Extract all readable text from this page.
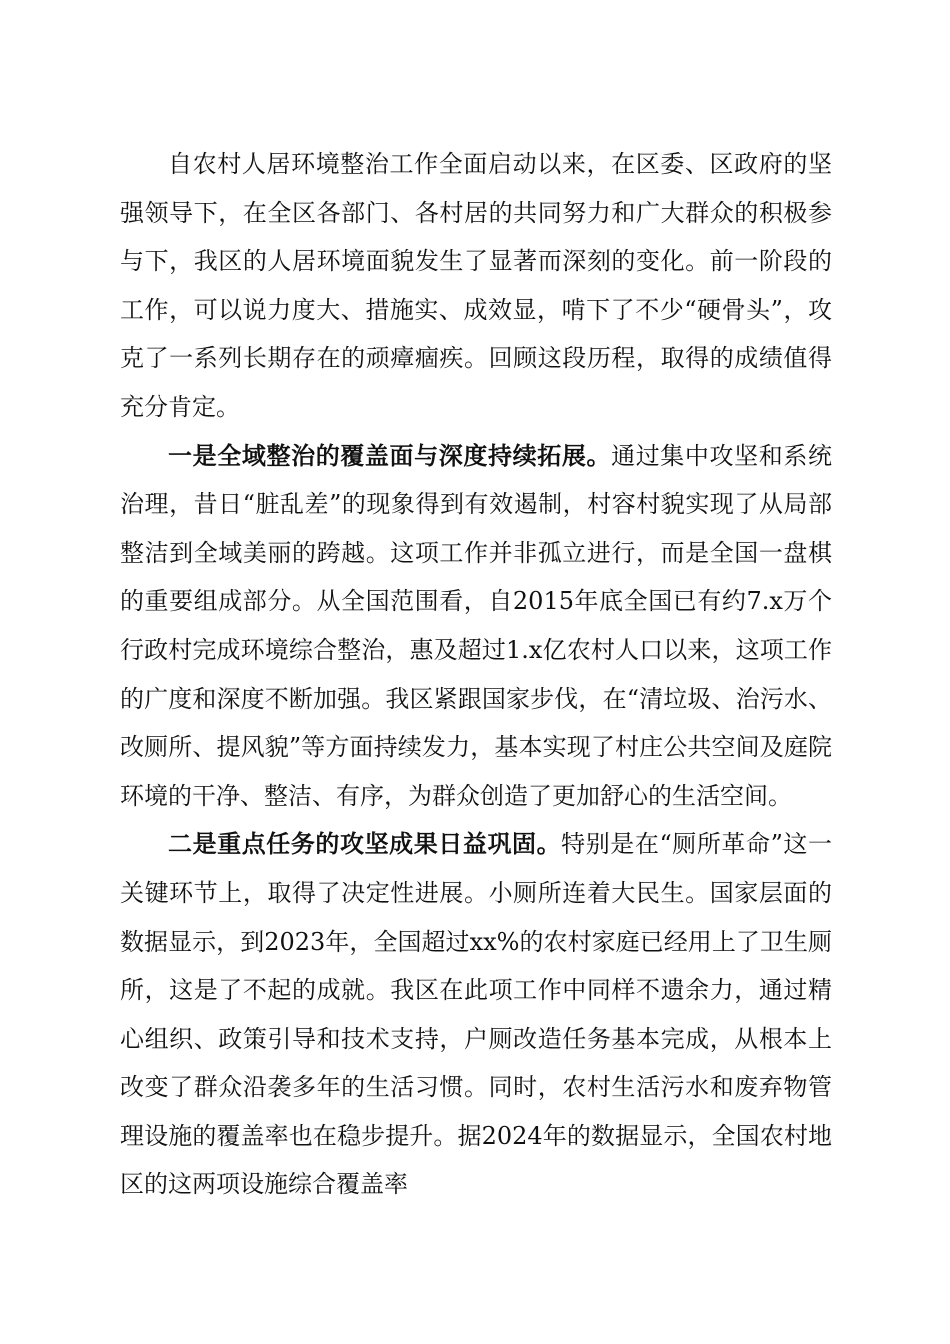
自农村人居环境整治工作全面启动以来，在区委、区政府的坚强领导下，在全区各部门、各村居的共同努力和广大群众的积极参与下，我区的人居环境面貌发生了显著而深刻的变化。前一阶段的工作，可以说力度大、措施实、成效显，啃下了不少“硬骨头”，攻克了一系列长期存在的顽瘴痼疾。回顾这段历程，取得的成绩值得充分肯定。

一是全域整治的覆盖面与深度持续拓展。通过集中攻坚和系统治理，昔日“脏乱差”的现象得到有效遏制，村容村貌实现了从局部整洁到全域美丽的跨越。这项工作并非孤立进行，而是全国一盘棋的重要组成部分。从全国范围看，自2015年底全国已有约7.x万个行政村完成环境综合整治，惠及超过1.x亿农村人口以来，这项工作的广度和深度不断加强。我区紧跟国家步伐，在“清垃圾、治污水、改厕所、提风貌”等方面持续发力，基本实现了村庄公共空间及庭院环境的干净、整洁、有序，为群众创造了更加舒心的生活空间。

二是重点任务的攻坚成果日益巩固。特别是在“厕所革命”这一关键环节上，取得了决定性进展。小厕所连着大民生。国家层面的数据显示，到2023年，全国超过xx%的农村家庭已经用上了卫生厕所，这是了不起的成就。我区在此项工作中同样不遗余力，通过精心组织、政策引导和技术支持，户厕改造任务基本完成，从根本上改变了群众沿袭多年的生活习惯。同时，农村生活污水和废弃物管理设施的覆盖率也在稳步提升。据2024年的数据显示，全国农村地区的这两项设施综合覆盖率
